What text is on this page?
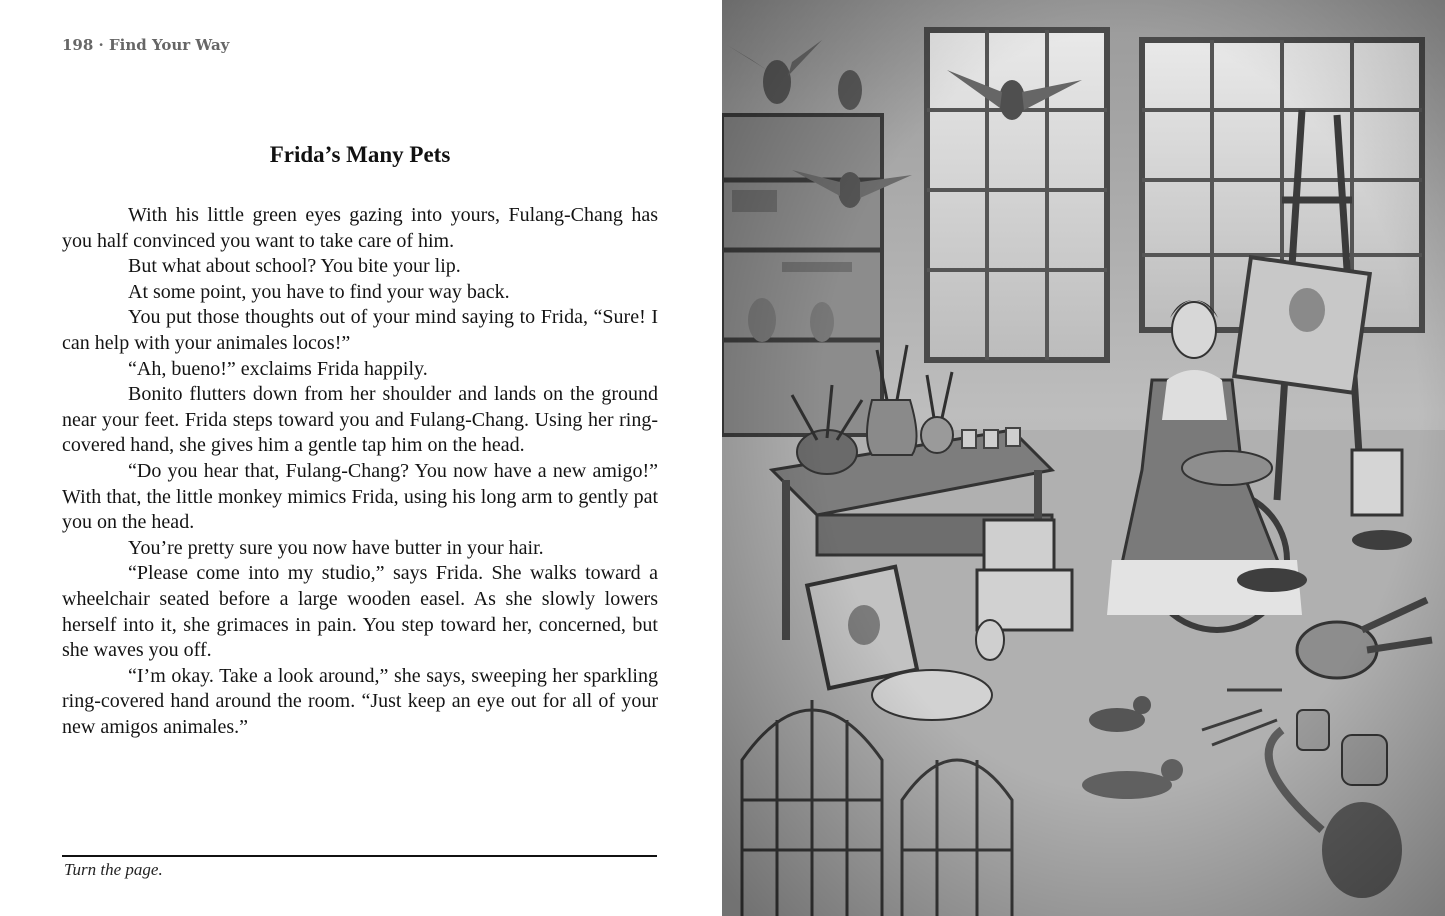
198 · Find Your Way
Frida’s Many Pets

With his little green eyes gazing into yours, Fulang-Chang has you half convinced you want to take care of him.

But what about school? You bite your lip.

At some point, you have to find your way back.

You put those thoughts out of your mind saying to Frida, “Sure! I can help with your animales locos!”

“Ah, bueno!” exclaims Frida happily.

Bonito flutters down from her shoulder and lands on the ground near your feet. Frida steps toward you and Fulang-Chang. Using her ring-covered hand, she gives him a gentle tap him on the head.

“Do you hear that, Fulang-Chang? You now have a new amigo!” With that, the little monkey mimics Frida, using his long arm to gently pat you on the head.

You’re pretty sure you now have butter in your hair.

“Please come into my studio,” says Frida. She walks toward a wheelchair seated before a large wooden easel. As she slowly lowers herself into it, she grimaces in pain. You step toward her, concerned, but she waves you off.

“I’m okay. Take a look around,” she says, sweeping her sparkling ring-covered hand around the room. “Just keep an eye out for all of your new amigos animales.”

Turn the page.
